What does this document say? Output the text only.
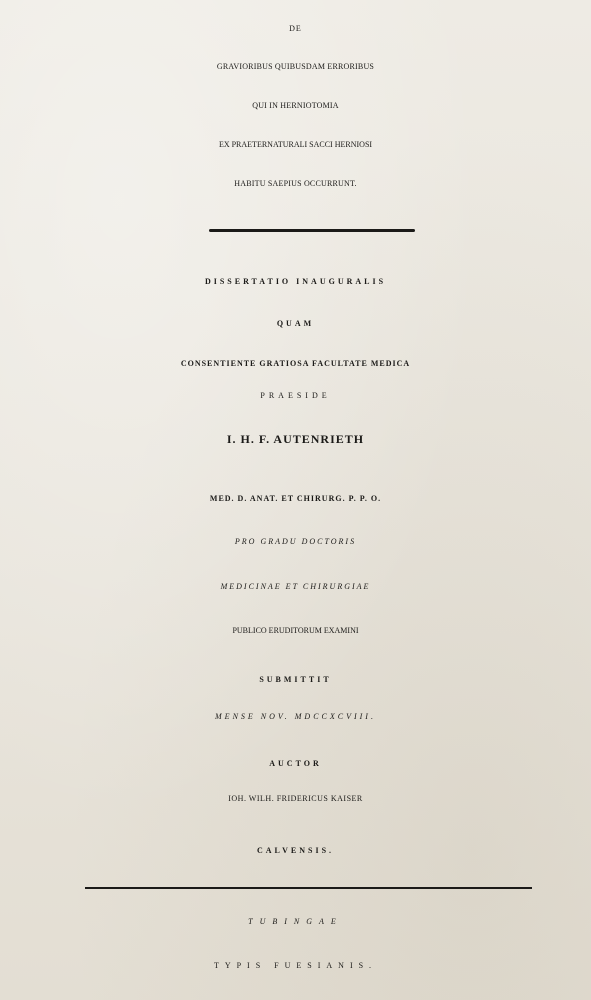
DE

GRAVIORIBUS QUIBUSDAM ERRORIBUS

QUI IN HERNIOTOMIA

EX PRAETERNATURALI SACCI HERNIOSI

HABITU SAEPIUS OCCURRUNT.

DISSERTATIO INAUGURALIS

QUAM

CONSENTIENTE GRATIOSA FACULTATE MEDICA

PRAESIDE

I. H. F. AUTENRIETH

MED. D. ANAT. ET CHIRURG. P. P. O.

PRO GRADU DOCTORIS

MEDICINAE ET CHIRURGIAE

PUBLICO ERUDITORUM EXAMINI

SUBMITTIT

MENSE NOV. MDCCXCVIII.

AUCTOR

IOH. WILH. FRIDERICUS KAISER

CALVENSIS.

TUBINGAE

TYPIS FUESIANIS.
